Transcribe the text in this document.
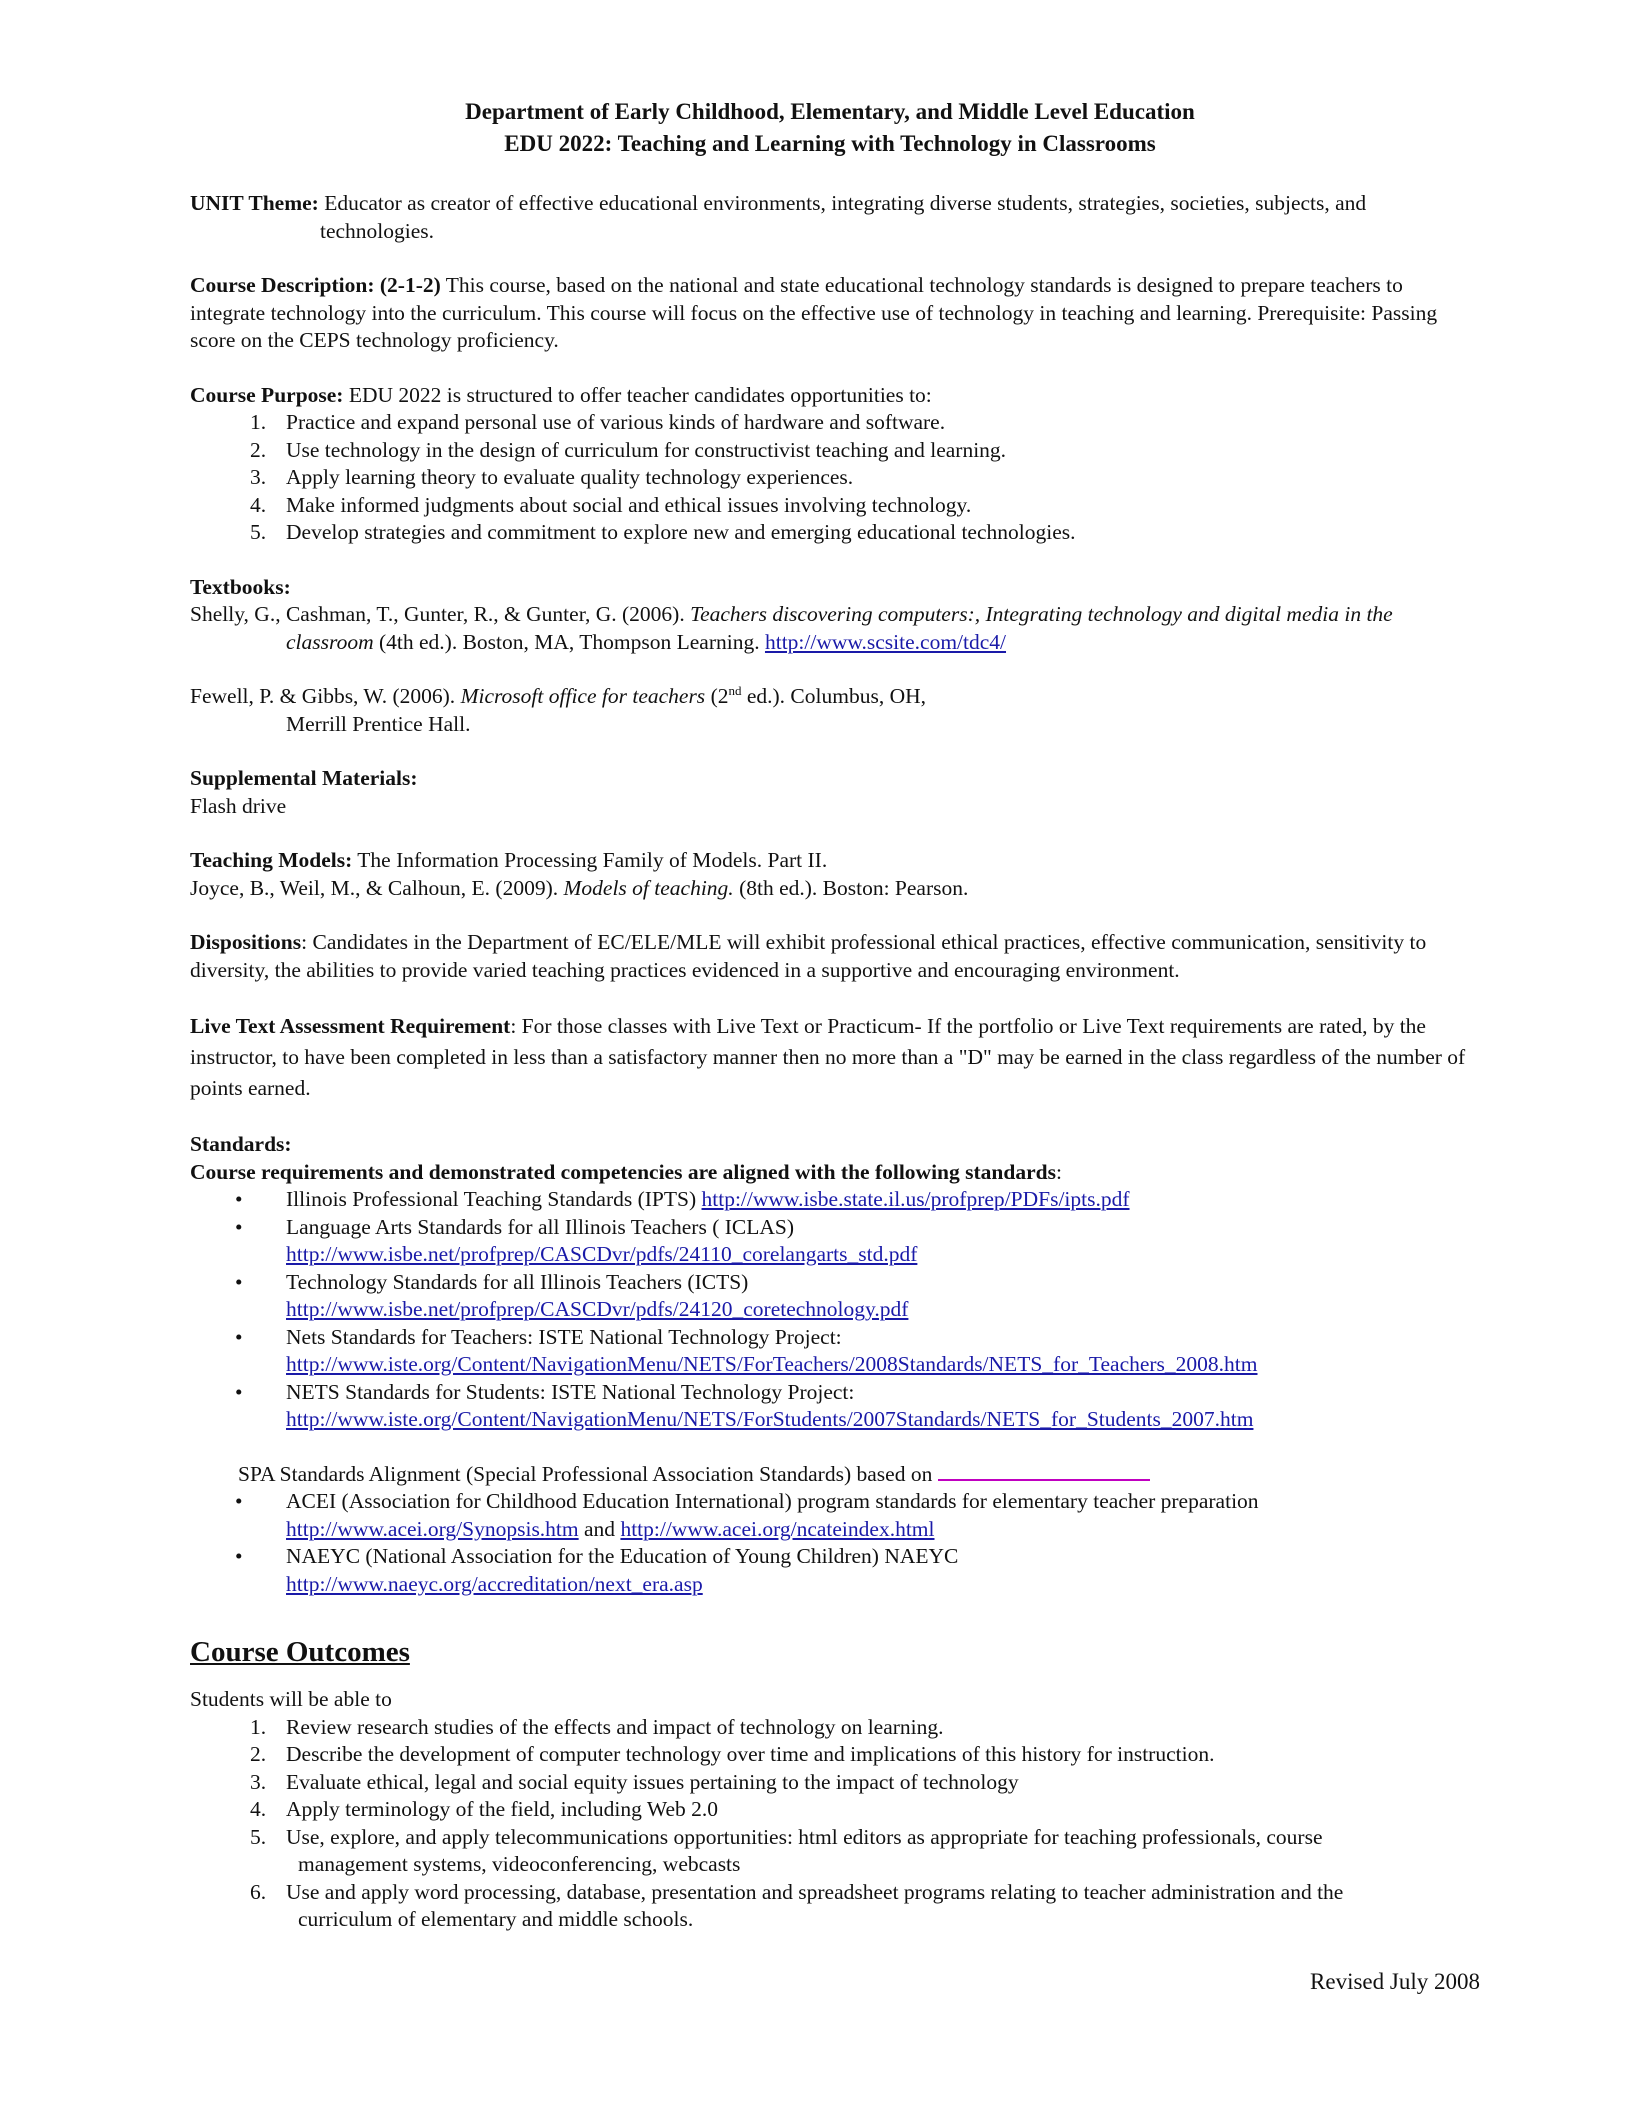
Department of Early Childhood, Elementary, and Middle Level Education
EDU 2022: Teaching and Learning with Technology in Classrooms
UNIT Theme: Educator as creator of effective educational environments, integrating diverse students, strategies, societies, subjects, and technologies.
Course Description: (2-1-2) This course, based on the national and state educational technology standards is designed to prepare teachers to integrate technology into the curriculum. This course will focus on the effective use of technology in teaching and learning. Prerequisite: Passing score on the CEPS technology proficiency.
Course Purpose: EDU 2022 is structured to offer teacher candidates opportunities to:
1. Practice and expand personal use of various kinds of hardware and software.
2. Use technology in the design of curriculum for constructivist teaching and learning.
3. Apply learning theory to evaluate quality technology experiences.
4. Make informed judgments about social and ethical issues involving technology.
5. Develop strategies and commitment to explore new and emerging educational technologies.
Textbooks:
Shelly, G., Cashman, T., Gunter, R., & Gunter, G. (2006). Teachers discovering computers:, Integrating technology and digital media in the classroom (4th ed.). Boston, MA, Thompson Learning. http://www.scsite.com/tdc4/
Fewell, P. & Gibbs, W. (2006). Microsoft office for teachers (2nd ed.). Columbus, OH,
Merrill Prentice Hall.
Supplemental Materials:
Flash drive
Teaching Models: The Information Processing Family of Models. Part II.
Joyce, B., Weil, M., & Calhoun, E. (2009). Models of teaching. (8th ed.). Boston: Pearson.
Dispositions: Candidates in the Department of EC/ELE/MLE will exhibit professional ethical practices, effective communication, sensitivity to diversity, the abilities to provide varied teaching practices evidenced in a supportive and encouraging environment.
Live Text Assessment Requirement: For those classes with Live Text or Practicum- If the portfolio or Live Text requirements are rated, by the instructor, to have been completed in less than a satisfactory manner then no more than a "D" may be earned in the class regardless of the number of points earned.
Standards:
Course requirements and demonstrated competencies are aligned with the following standards:
• Illinois Professional Teaching Standards (IPTS) http://www.isbe.state.il.us/profprep/PDFs/ipts.pdf
• Language Arts Standards for all Illinois Teachers ( ICLAS)
http://www.isbe.net/profprep/CASCDvr/pdfs/24110_corelangarts_std.pdf
• Technology Standards for all Illinois Teachers (ICTS)
http://www.isbe.net/profprep/CASCDvr/pdfs/24120_coretechnology.pdf
• Nets Standards for Teachers: ISTE National Technology Project:
http://www.iste.org/Content/NavigationMenu/NETS/ForTeachers/2008Standards/NETS_for_Teachers_2008.htm
• NETS Standards for Students: ISTE National Technology Project:
http://www.iste.org/Content/NavigationMenu/NETS/ForStudents/2007Standards/NETS_for_Students_2007.htm
SPA Standards Alignment (Special Professional Association Standards) based on
• ACEI (Association for Childhood Education International) program standards for elementary teacher preparation
http://www.acei.org/Synopsis.htm and http://www.acei.org/ncateindex.html
• NAEYC (National Association for the Education of Young Children) NAEYC
http://www.naeyc.org/accreditation/next_era.asp
Course Outcomes
Students will be able to
1. Review research studies of the effects and impact of technology on learning.
2. Describe the development of computer technology over time and implications of this history for instruction.
3. Evaluate ethical, legal and social equity issues pertaining to the impact of technology
4. Apply terminology of the field, including Web 2.0
5. Use, explore, and apply telecommunications opportunities: html editors as appropriate for teaching professionals, course
management systems, videoconferencing, webcasts
6. Use and apply word processing, database, presentation and spreadsheet programs relating to teacher administration and the
curriculum of elementary and middle schools.
Revised July 2008
